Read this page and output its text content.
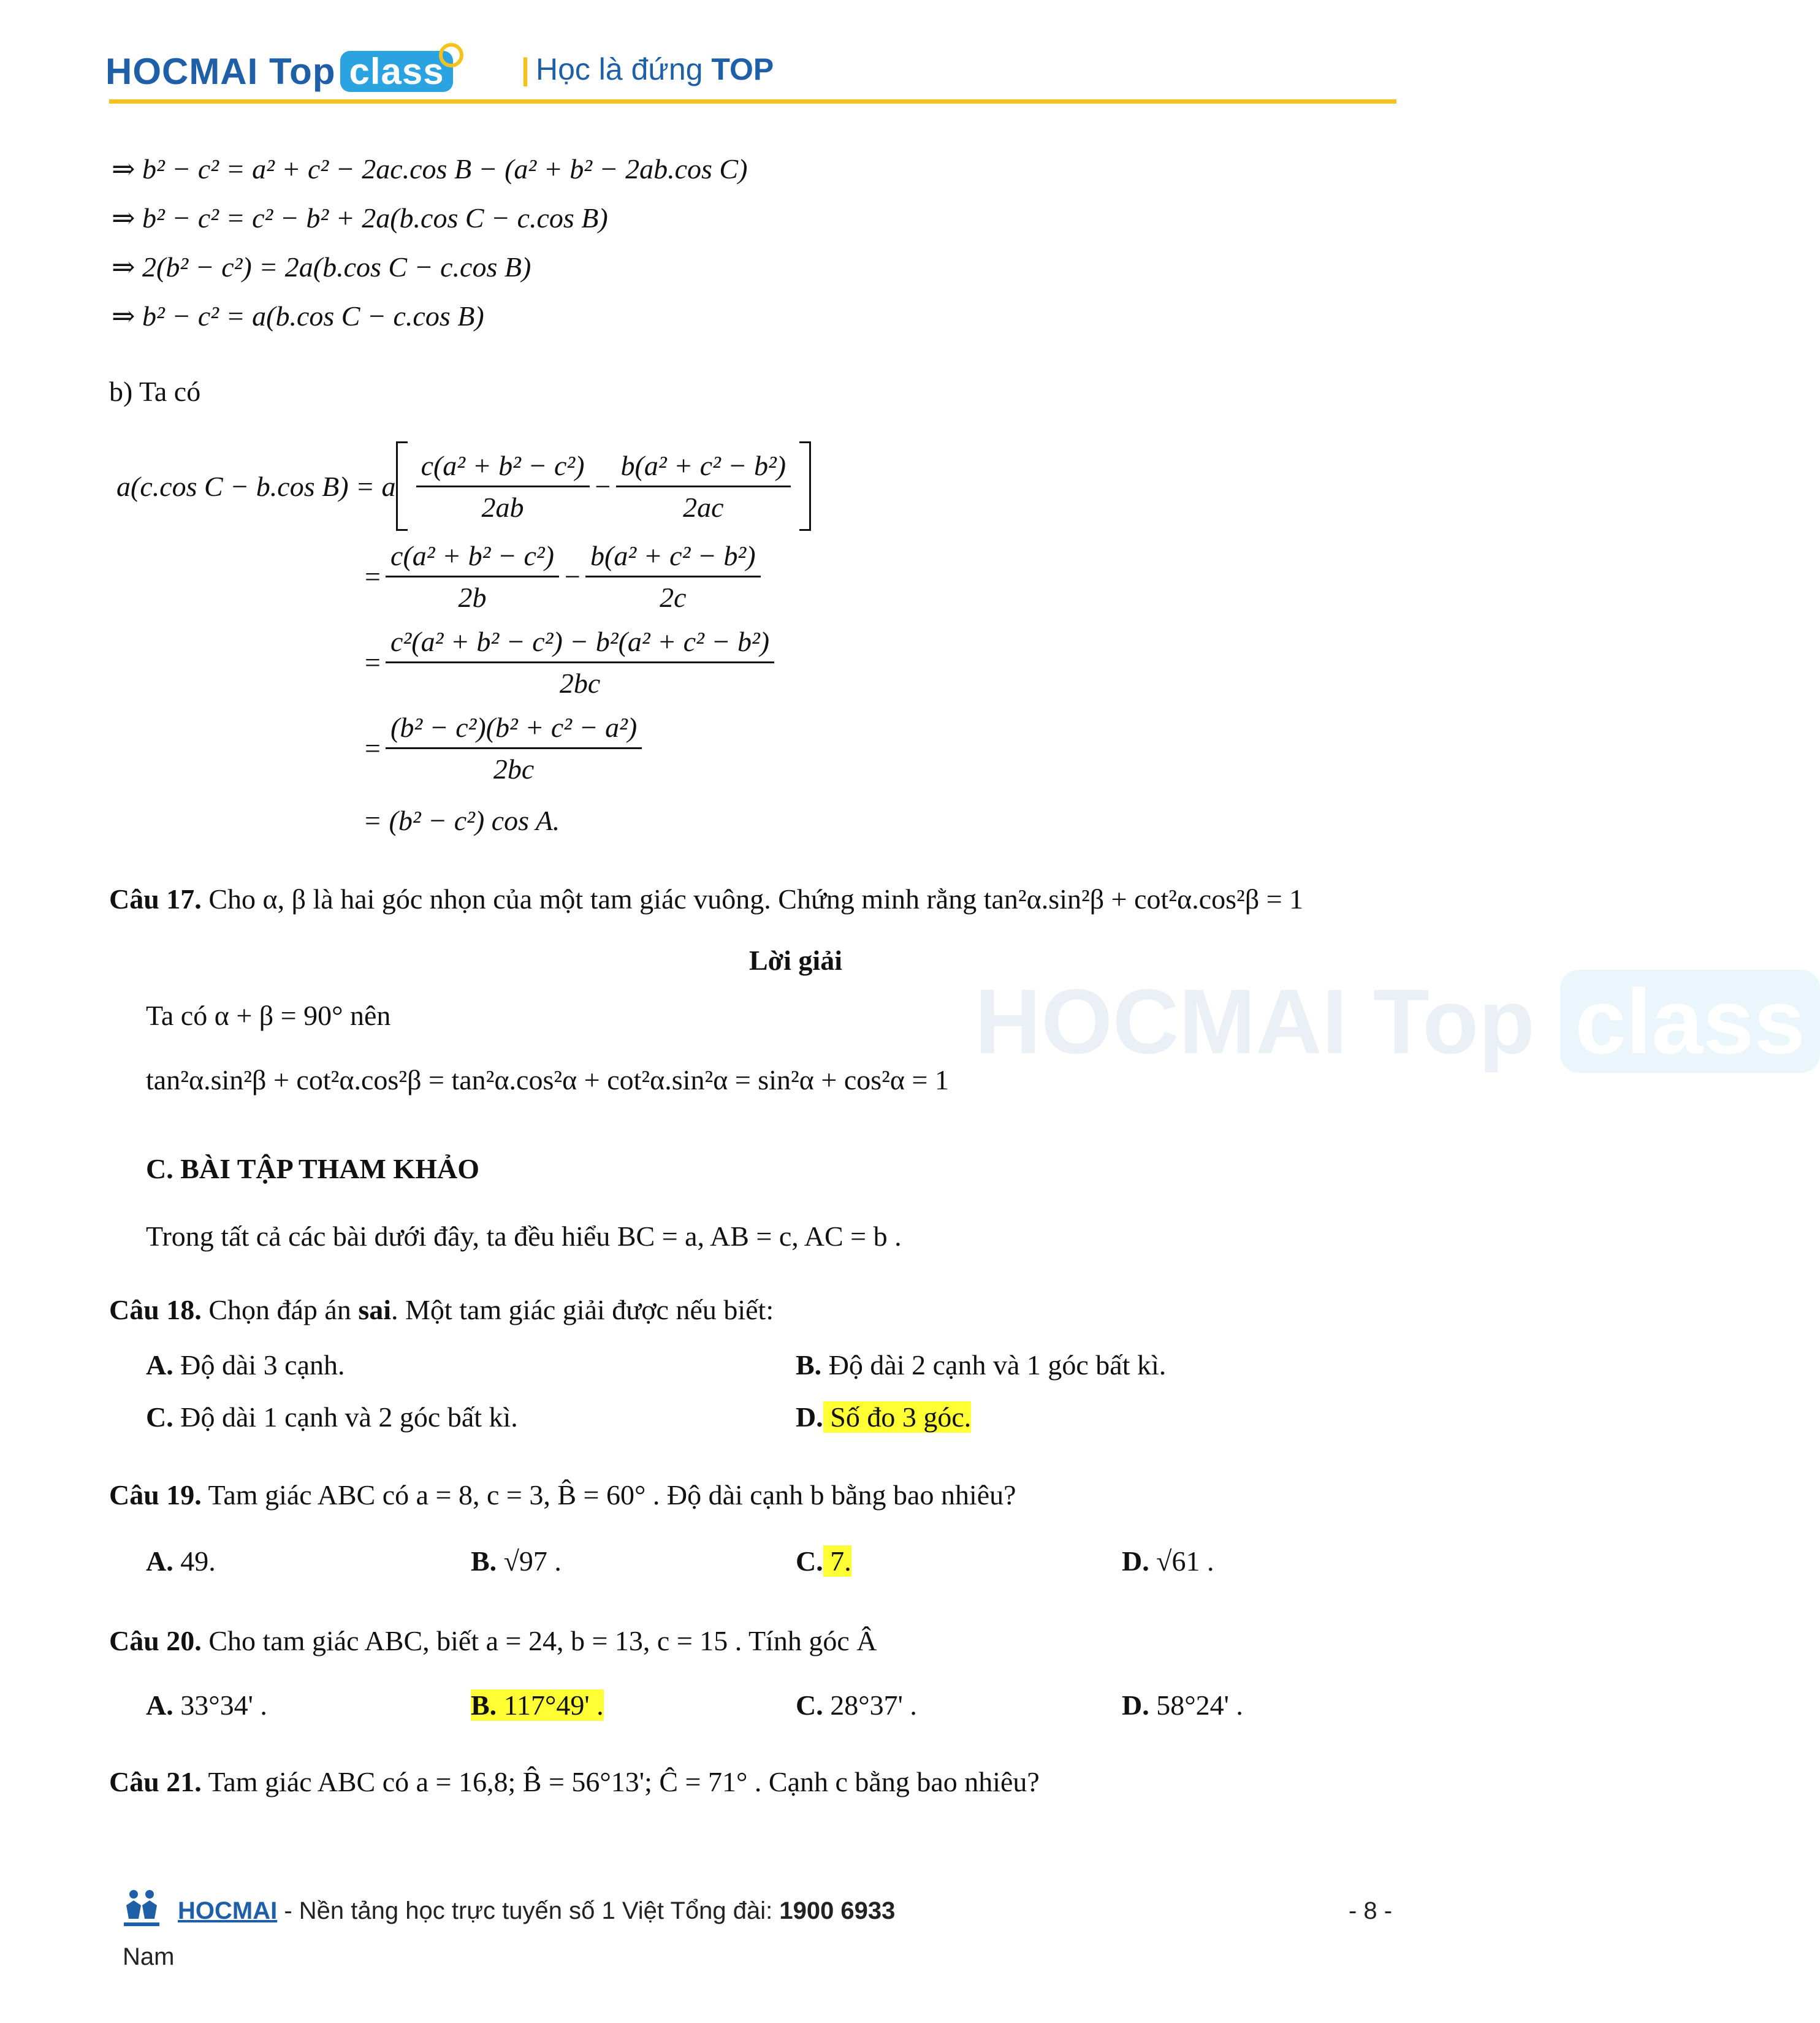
HOCMAI Top class	| Học là đứng TOP
HOCMAI Top class
⇒ b² − c² = a² + c² − 2ac.cos B − (a² + b² − 2ab.cos C)
⇒ b² − c² = c² − b² + 2a(b.cos C − c.cos B)
⇒ 2(b² − c²) = 2a(b.cos C − c.cos B)
⇒ b² − c² = a(b.cos C − c.cos B)
b) Ta có
a(c.cos C − b.cos B) = a $\frac{\text{c(a² + b² − c²)}}{2ab} - \frac{\text{b(a² + c² − b²)}}{2ac}$
= $\frac{\text{c(a² + b² − c²)}}{2b} - \frac{\text{b(a² + c² − b²)}}{2c}$
= $\frac{\text{c²(a² + b² − c²) − b²(a² + c² − b²)}}{2bc}$
= $\frac{\text{(b² − c²)(b² + c² − a²)}}{2bc}$
= (b² − c²) cos A.
Câu 17. Cho α, β là hai góc nhọn của một tam giác vuông. Chứng minh rằng tan²α.sin²β + cot²α.cos²β = 1
Lời giải
Ta có α + β = 90° nên
tan²α.sin²β + cot²α.cos²β = tan²α.cos²α + cot²α.sin²α = sin²α + cos²α = 1
C. BÀI TẬP THAM KHẢO
Trong tất cả các bài dưới đây, ta đều hiểu BC = a, AB = c, AC = b .
Câu 18. Chọn đáp án sai. Một tam giác giải được nếu biết:
A. Độ dài 3 cạnh.	B. Độ dài 2 cạnh và 1 góc bất kì.
C. Độ dài 1 cạnh và 2 góc bất kì.	D. Số đo 3 góc.
Câu 19. Tam giác ABC có a = 8, c = 3, B̂ = 60° . Độ dài cạnh b bằng bao nhiêu?
A. 49.	B. √97 .	C. 7.	D. √61 .
Câu 20. Cho tam giác ABC, biết a = 24, b = 13, c = 15 . Tính góc Â
A. 33°34' .	B. 117°49' .	C. 28°37' .	D. 58°24' .
Câu 21. Tam giác ABC có a = 16,8; B̂ = 56°13'; Ĉ = 71° . Cạnh c bằng bao nhiêu?
HOCMAI - Nền tảng học trực tuyến số 1 Việt Tổng đài: 1900 6933	- 8 -
Nam
